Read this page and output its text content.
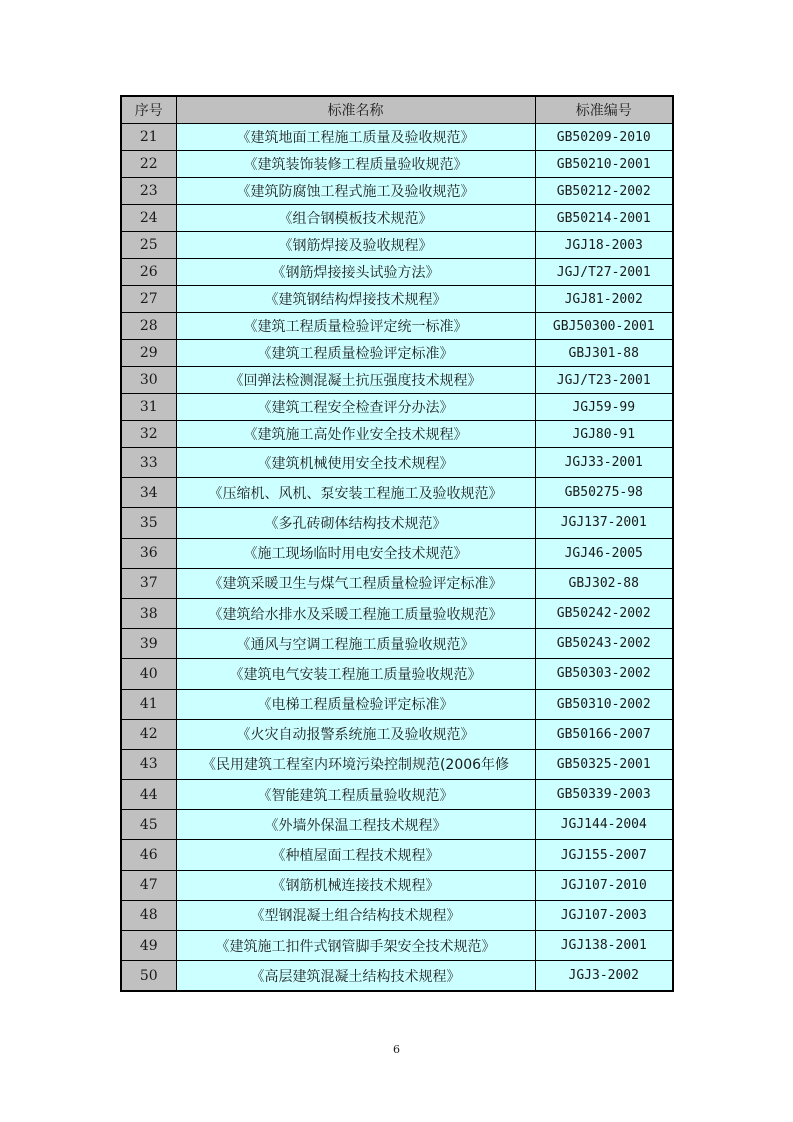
序号	标准名称	标准编号
21	《建筑地面工程施工质量及验收规范》	GB50209-2010
22	《建筑装饰装修工程质量验收规范》	GB50210-2001
23	《建筑防腐蚀工程式施工及验收规范》	GB50212-2002
24	《组合钢模板技术规范》	GB50214-2001
25	《钢筋焊接及验收规程》	JGJ18-2003
26	《钢筋焊接接头试验方法》	JGJ/T27-2001
27	《建筑钢结构焊接技术规程》	JGJ81-2002
28	《建筑工程质量检验评定统一标准》	GBJ50300-2001
29	《建筑工程质量检验评定标准》	GBJ301-88
30	《回弹法检测混凝土抗压强度技术规程》	JGJ/T23-2001
31	《建筑工程安全检查评分办法》	JGJ59-99
32	《建筑施工高处作业安全技术规程》	JGJ80-91
33	《建筑机械使用安全技术规程》	JGJ33-2001
34	《压缩机、风机、泵安装工程施工及验收规范》	GB50275-98
35	《多孔砖砌体结构技术规范》	JGJ137-2001
36	《施工现场临时用电安全技术规范》	JGJ46-2005
37	《建筑采暖卫生与煤气工程质量检验评定标准》	GBJ302-88
38	《建筑给水排水及采暖工程施工质量验收规范》	GB50242-2002
39	《通风与空调工程施工质量验收规范》	GB50243-2002
40	《建筑电气安装工程施工质量验收规范》	GB50303-2002
41	《电梯工程质量检验评定标准》	GB50310-2002
42	《火灾自动报警系统施工及验收规范》	GB50166-2007
43	《民用建筑工程室内环境污染控制规范(2006年修	GB50325-2001
44	《智能建筑工程质量验收规范》	GB50339-2003
45	《外墙外保温工程技术规程》	JGJ144-2004
46	《种植屋面工程技术规程》	JGJ155-2007
47	《钢筋机械连接技术规程》	JGJ107-2010
48	《型钢混凝土组合结构技术规程》	JGJ107-2003
49	《建筑施工扣件式钢管脚手架安全技术规范》	JGJ138-2001
50	《高层建筑混凝土结构技术规程》	JGJ3-2002
6
